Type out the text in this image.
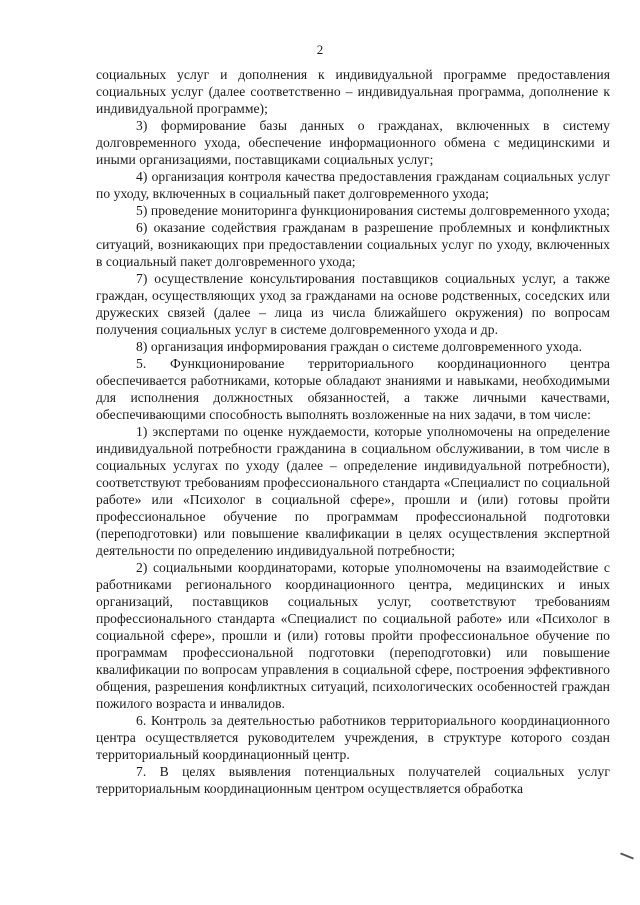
2

социальных услуг и дополнения к индивидуальной программе предоставления социальных услуг (далее соответственно – индивидуальная программа, дополнение к индивидуальной программе);

3) формирование базы данных о гражданах, включенных в систему долговременного ухода, обеспечение информационного обмена с медицинскими и иными организациями, поставщиками социальных услуг;

4) организация контроля качества предоставления гражданам социальных услуг по уходу, включенных в социальный пакет долговременного ухода;

5) проведение мониторинга функционирования системы долговременного ухода;

6) оказание содействия гражданам в разрешение проблемных и конфликтных ситуаций, возникающих при предоставлении социальных услуг по уходу, включенных в социальный пакет долговременного ухода;

7) осуществление консультирования поставщиков социальных услуг, а также граждан, осуществляющих уход за гражданами на основе родственных, соседских или дружеских связей (далее – лица из числа ближайшего окружения) по вопросам получения социальных услуг в системе долговременного ухода и др.

8) организация информирования граждан о системе долговременного ухода.

5. Функционирование территориального координационного центра обеспечивается работниками, которые обладают знаниями и навыками, необходимыми для исполнения должностных обязанностей, а также личными качествами, обеспечивающими способность выполнять возложенные на них задачи, в том числе:

1) экспертами по оценке нуждаемости, которые уполномочены на определение индивидуальной потребности гражданина в социальном обслуживании, в том числе в социальных услугах по уходу (далее – определение индивидуальной потребности), соответствуют требованиям профессионального стандарта «Специалист по социальной работе» или «Психолог в социальной сфере», прошли и (или) готовы пройти профессиональное обучение по программам профессиональной подготовки (переподготовки) или повышение квалификации в целях осуществления экспертной деятельности по определению индивидуальной потребности;

2) социальными координаторами, которые уполномочены на взаимодействие с работниками регионального координационного центра, медицинских и иных организаций, поставщиков социальных услуг, соответствуют требованиям профессионального стандарта «Специалист по социальной работе» или «Психолог в социальной сфере», прошли и (или) готовы пройти профессиональное обучение по программам профессиональной подготовки (переподготовки) или повышение квалификации по вопросам управления в социальной сфере, построения эффективного общения, разрешения конфликтных ситуаций, психологических особенностей граждан пожилого возраста и инвалидов.

6. Контроль за деятельностью работников территориального координационного центра осуществляется руководителем учреждения, в структуре которого создан территориальный координационный центр.

7. В целях выявления потенциальных получателей социальных услуг территориальным координационным центром осуществляется обработка
